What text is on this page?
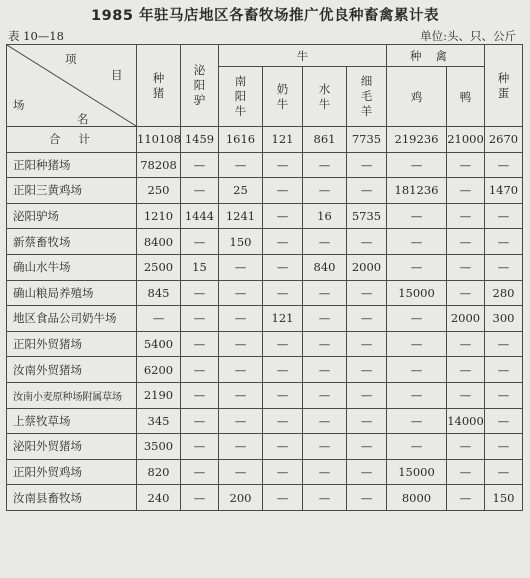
1985 年驻马店地区各畜牧场推广优良种畜禽累计表
表 10—18	单位:头、只、公斤
项
目
场
名	种猪	泌阳驴	牛				种禽		种蛋

			南阳牛	奶牛	水牛	细毛羊	鸡	鸭	
合计	110108	1459	1616	121	861	7735	219236	21000	2670
正阳种猪场	78208	—	—	—	—	—	—	—	—
正阳三黄鸡场	250	—	25	—	—	—	181236	—	1470
泌阳驴场	1210	1444	1241	—	16	5735	—	—	—
新蔡畜牧场	8400	—	150	—	—	—	—	—	—
确山水牛场	2500	15	—	—	840	2000	—	—	—
确山粮局养殖场	845	—	—	—	—	—	15000	—	280
地区食品公司奶牛场	—	—	—	121	—	—	—	2000	300
正阳外贸猪场	5400	—	—	—	—	—	—	—	—
汝南外贸猪场	6200	—	—	—	—	—	—	—	—
汝南小麦原种场附属草场	2190	—	—	—	—	—	—	—	—
上蔡牧草场	345	—	—	—	—	—	—	14000	—
泌阳外贸猪场	3500	—	—	—	—	—	—	—	—
正阳外贸鸡场	820	—	—	—	—	—	15000	—	—
汝南县畜牧场	240	—	200	—	—	—	8000	—	150
